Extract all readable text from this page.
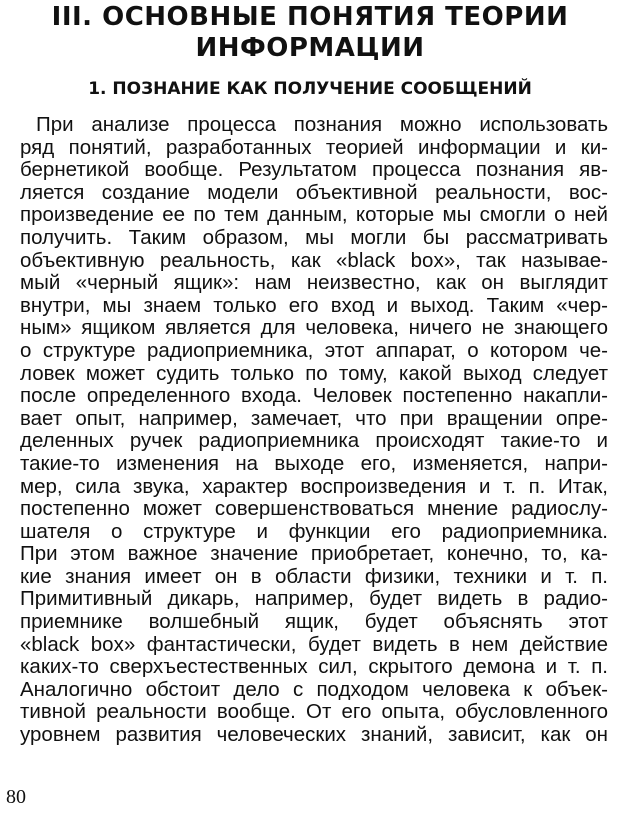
III. ОСНОВНЫЕ ПОНЯТИЯ ТЕОРИИ
ИНФОРМАЦИИ
1. ПОЗНАНИЕ КАК ПОЛУЧЕНИЕ СООБЩЕНИЙ
При анализе процесса познания можно использовать
ряд понятий, разработанных теорией информации и ки-
бернетикой вообще. Результатом процесса познания яв-
ляется создание модели объективной реальности, вос-
произведение ее по тем данным, которые мы смогли о ней
получить. Таким образом, мы могли бы рассматривать
объективную реальность, как «black box», так называе-
мый «черный ящик»: нам неизвестно, как он выглядит
внутри, мы знаем только его вход и выход. Таким «чер-
ным» ящиком является для человека, ничего не знающего
о структуре радиоприемника, этот аппарат, о котором че-
ловек может судить только по тому, какой выход следует
после определенного входа. Человек постепенно накапли-
вает опыт, например, замечает, что при вращении опре-
деленных ручек радиоприемника происходят такие-то и
такие-то изменения на выходе его, изменяется, напри-
мер, сила звука, характер воспроизведения и т. п. Итак,
постепенно может совершенствоваться мнение радиослу-
шателя о структуре и функции его радиоприемника.
При этом важное значение приобретает, конечно, то, ка-
кие знания имеет он в области физики, техники и т. п.
Примитивный дикарь, например, будет видеть в радио-
приемнике волшебный ящик, будет объяснять этот
«black box» фантастически, будет видеть в нем действие
каких-то сверхъестественных сил, скрытого демона и т. п.
Аналогично обстоит дело с подходом человека к объек-
тивной реальности вообще. От его опыта, обусловленного
уровнем развития человеческих знаний, зависит, как он
80
